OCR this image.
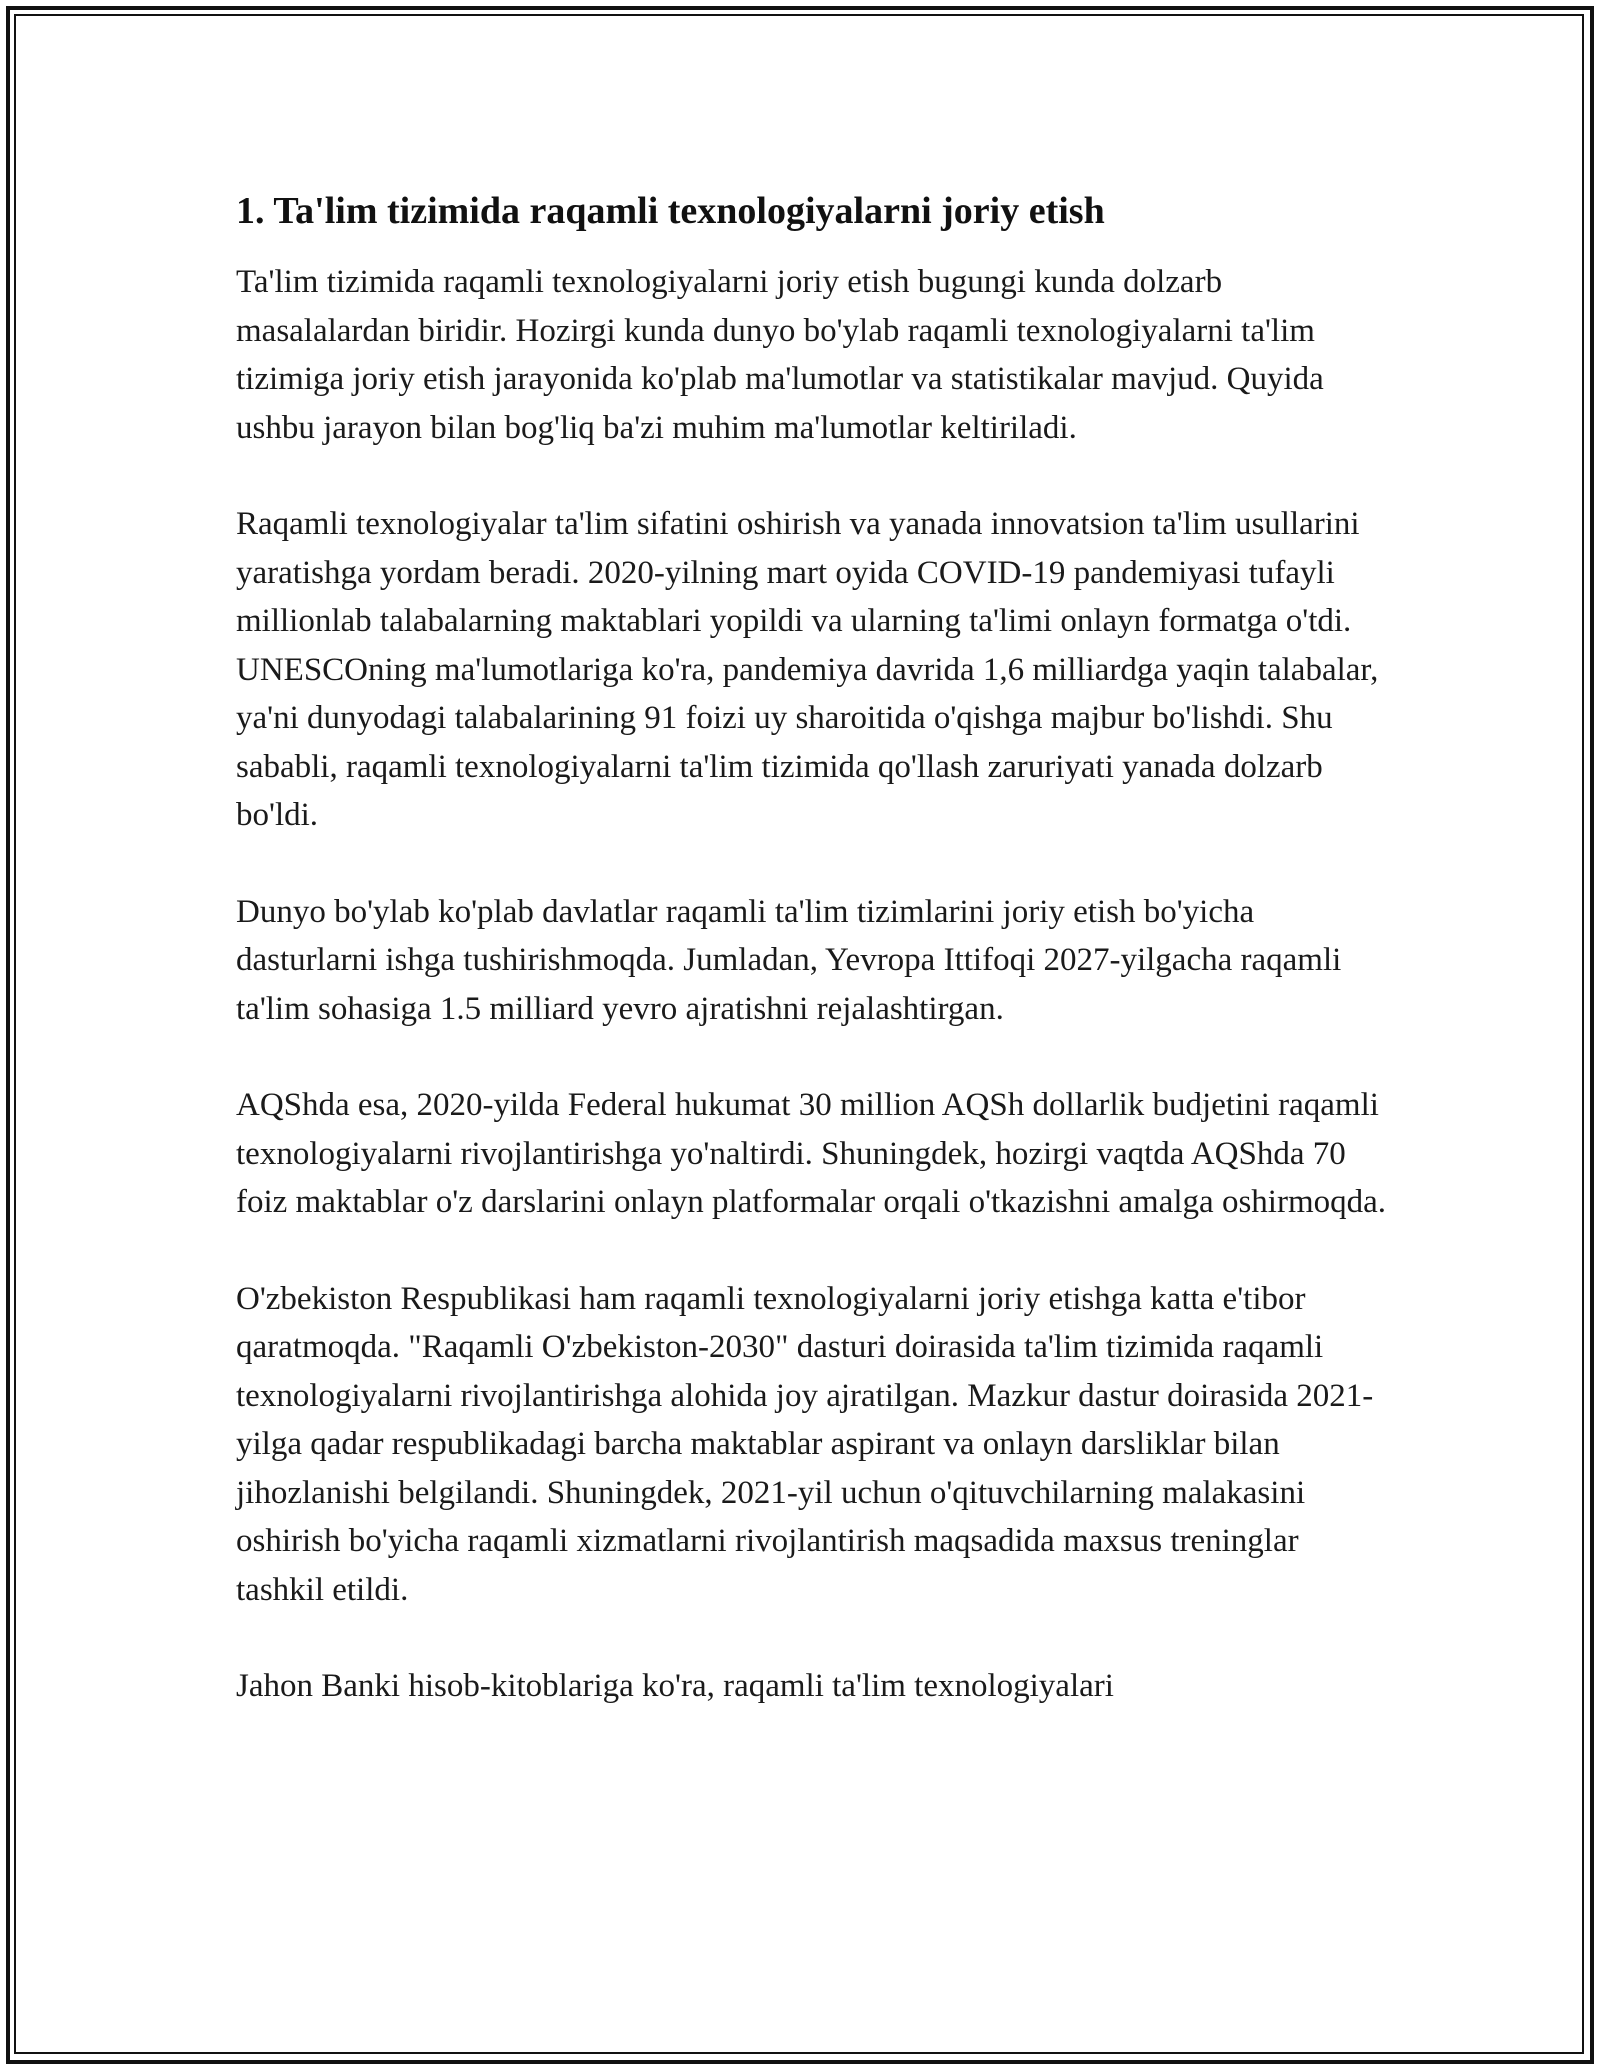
1. Ta'lim tizimida raqamli texnologiyalarni joriy etish

Ta'lim tizimida raqamli texnologiyalarni joriy etish bugungi kunda dolzarb masalalardan biridir. Hozirgi kunda dunyo bo'ylab raqamli texnologiyalarni ta'lim tizimiga joriy etish jarayonida ko'plab ma'lumotlar va statistikalar mavjud. Quyida ushbu jarayon bilan bog'liq ba'zi muhim ma'lumotlar keltiriladi.

Raqamli texnologiyalar ta'lim sifatini oshirish va yanada innovatsion ta'lim usullarini yaratishga yordam beradi. 2020-yilning mart oyida COVID-19 pandemiyasi tufayli millionlab talabalarning maktablari yopildi va ularning ta'limi onlayn formatga o'tdi. UNESCOning ma'lumotlariga ko'ra, pandemiya davrida 1,6 milliardga yaqin talabalar, ya'ni dunyodagi talabalarining 91 foizi uy sharoitida o'qishga majbur bo'lishdi. Shu sababli, raqamli texnologiyalarni ta'lim tizimida qo'llash zaruriyati yanada dolzarb bo'ldi.

Dunyo bo'ylab ko'plab davlatlar raqamli ta'lim tizimlarini joriy etish bo'yicha dasturlarni ishga tushirishmoqda. Jumladan, Yevropa Ittifoqi 2027-yilgacha raqamli ta'lim sohasiga 1.5 milliard yevro ajratishni rejalashtirgan.

AQShda esa, 2020-yilda Federal hukumat 30 million AQSh dollarlik budjetini raqamli texnologiyalarni rivojlantirishga yo'naltirdi. Shuningdek, hozirgi vaqtda AQShda 70 foiz maktablar o'z darslarini onlayn platformalar orqali o'tkazishni amalga oshirmoqda.

O'zbekiston Respublikasi ham raqamli texnologiyalarni joriy etishga katta e'tibor qaratmoqda. "Raqamli O'zbekiston-2030" dasturi doirasida ta'lim tizimida raqamli texnologiyalarni rivojlantirishga alohida joy ajratilgan. Mazkur dastur doirasida 2021-yilga qadar respublikadagi barcha maktablar aspirant va onlayn darsliklar bilan jihozlanishi belgilandi. Shuningdek, 2021-yil uchun o'qituvchilarning malakasini oshirish bo'yicha raqamli xizmatlarni rivojlantirish maqsadida maxsus treninglar tashkil etildi.

Jahon Banki hisob-kitoblariga ko'ra, raqamli ta'lim texnologiyalari
